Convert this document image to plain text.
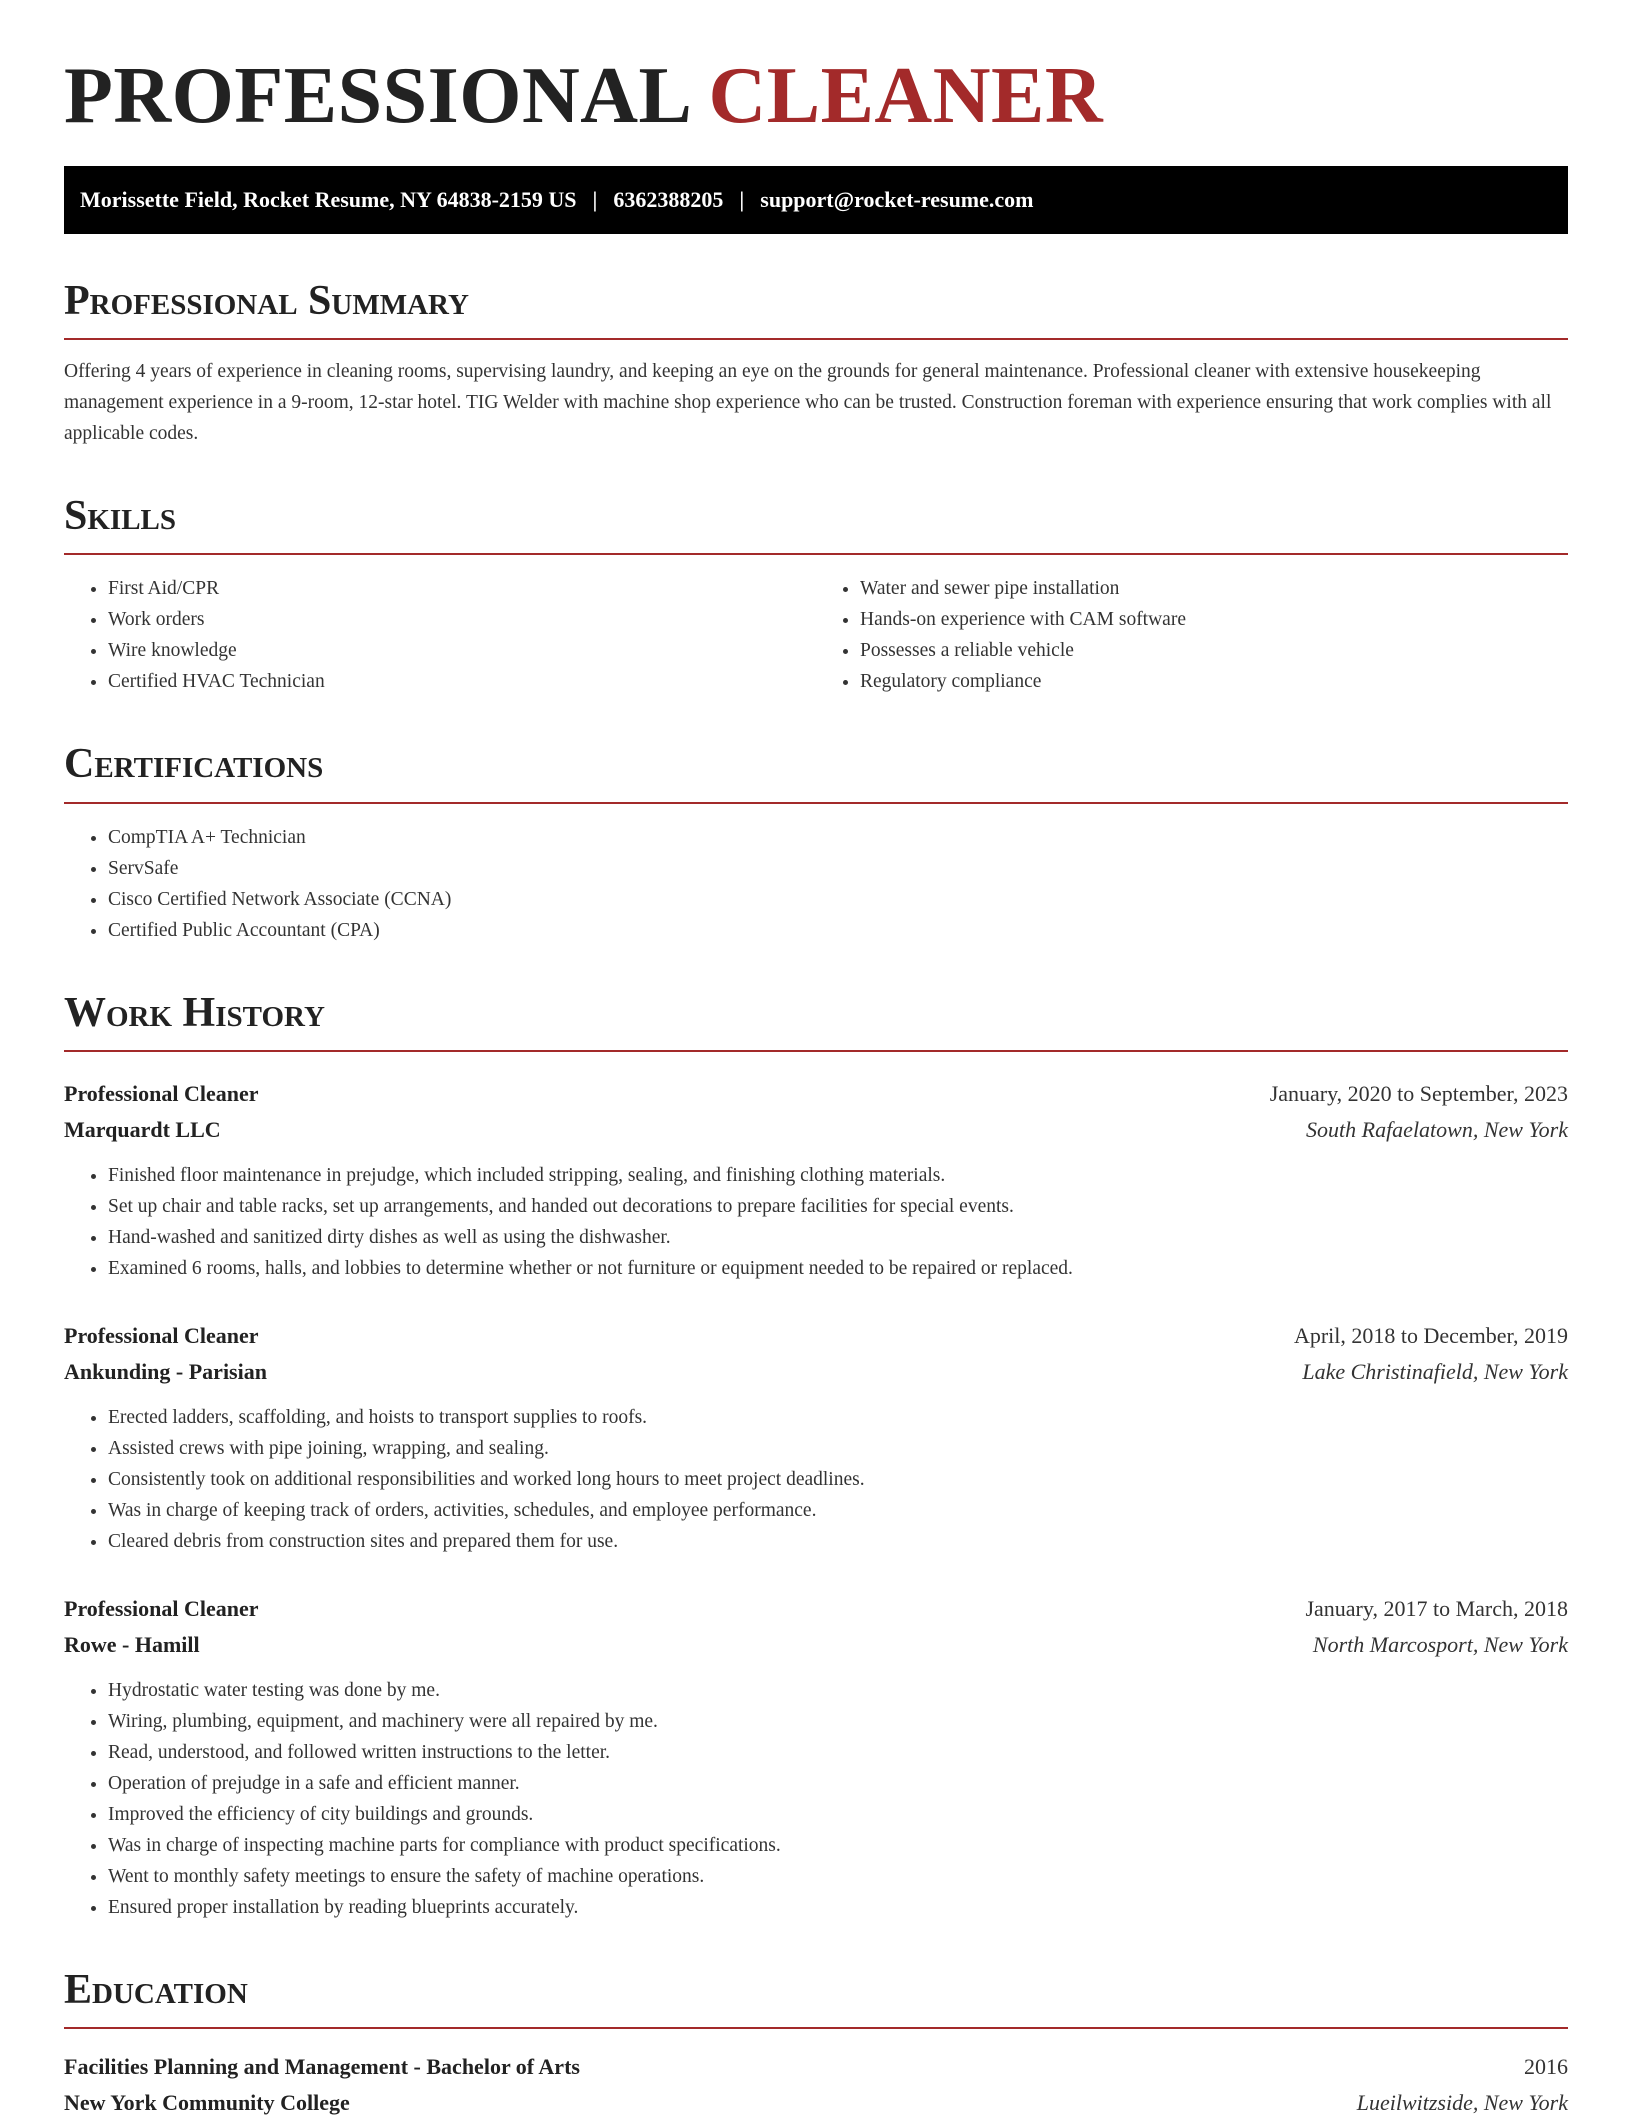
PROFESSIONAL CLEANER
Morissette Field, Rocket Resume, NY 64838-2159 US | 6362388205 | support@rocket-resume.com
Professional Summary
Offering 4 years of experience in cleaning rooms, supervising laundry, and keeping an eye on the grounds for general maintenance. Professional cleaner with extensive housekeeping management experience in a 9-room, 12-star hotel. TIG Welder with machine shop experience who can be trusted. Construction foreman with experience ensuring that work complies with all applicable codes.
Skills
• First Aid/CPR
• Work orders
• Wire knowledge
• Certified HVAC Technician
• Water and sewer pipe installation
• Hands-on experience with CAM software
• Possesses a reliable vehicle
• Regulatory compliance
Certifications
• CompTIA A+ Technician
• ServSafe
• Cisco Certified Network Associate (CCNA)
• Certified Public Accountant (CPA)
Work History
Professional Cleaner	January, 2020 to September, 2023
Marquardt LLC	South Rafaelatown, New York
• Finished floor maintenance in prejudge, which included stripping, sealing, and finishing clothing materials.
• Set up chair and table racks, set up arrangements, and handed out decorations to prepare facilities for special events.
• Hand-washed and sanitized dirty dishes as well as using the dishwasher.
• Examined 6 rooms, halls, and lobbies to determine whether or not furniture or equipment needed to be repaired or replaced.
Professional Cleaner	April, 2018 to December, 2019
Ankunding - Parisian	Lake Christinafield, New York
• Erected ladders, scaffolding, and hoists to transport supplies to roofs.
• Assisted crews with pipe joining, wrapping, and sealing.
• Consistently took on additional responsibilities and worked long hours to meet project deadlines.
• Was in charge of keeping track of orders, activities, schedules, and employee performance.
• Cleared debris from construction sites and prepared them for use.
Professional Cleaner	January, 2017 to March, 2018
Rowe - Hamill	North Marcosport, New York
• Hydrostatic water testing was done by me.
• Wiring, plumbing, equipment, and machinery were all repaired by me.
• Read, understood, and followed written instructions to the letter.
• Operation of prejudge in a safe and efficient manner.
• Improved the efficiency of city buildings and grounds.
• Was in charge of inspecting machine parts for compliance with product specifications.
• Went to monthly safety meetings to ensure the safety of machine operations.
• Ensured proper installation by reading blueprints accurately.
Education
Facilities Planning and Management - Bachelor of Arts	2016
New York Community College	Lueilwitzside, New York
